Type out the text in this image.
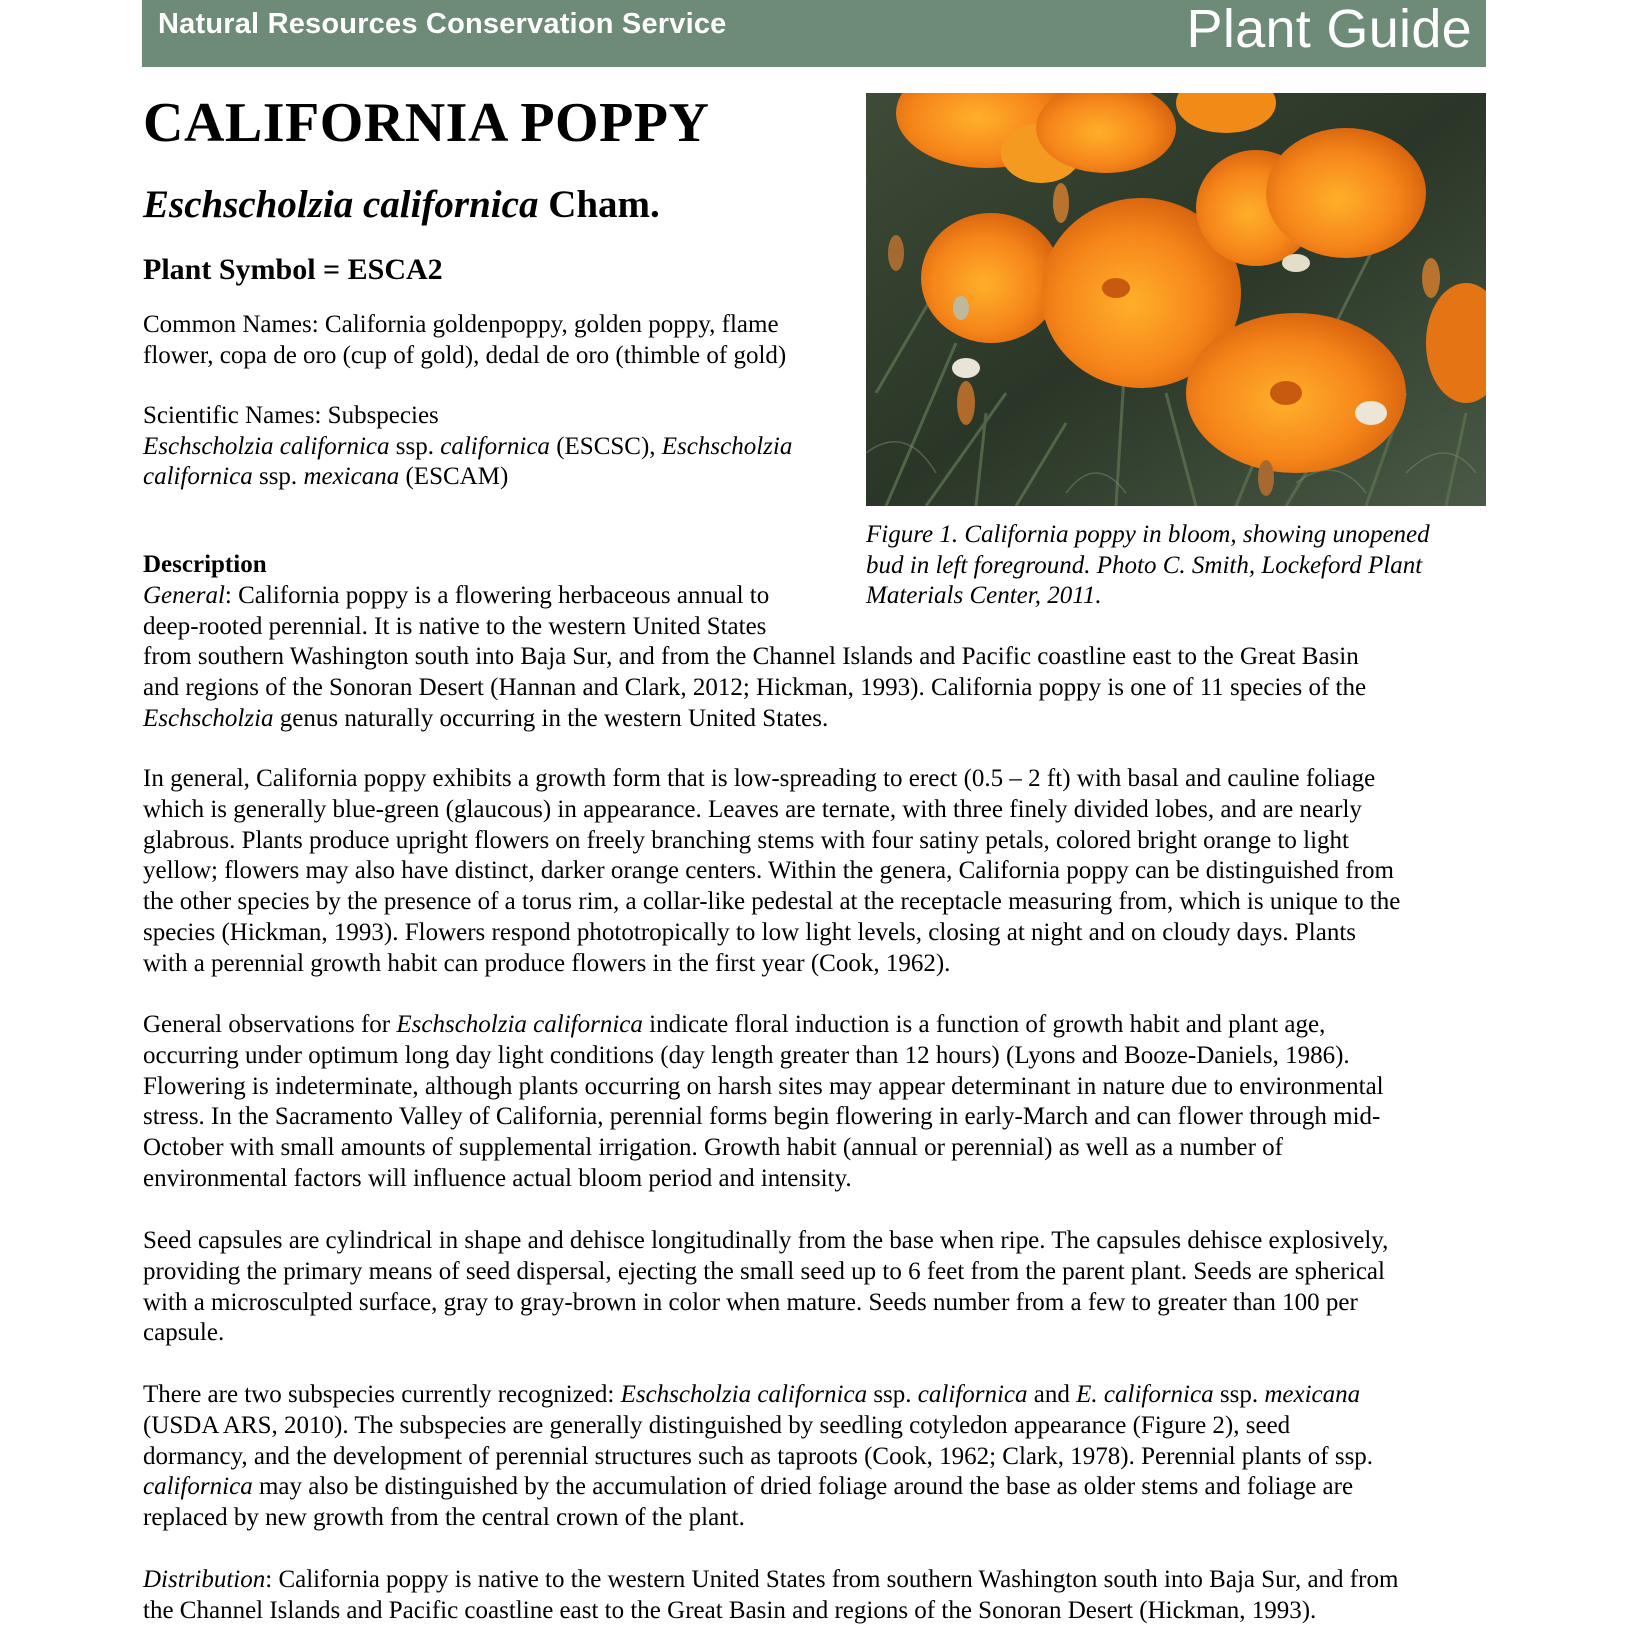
Natural Resources Conservation Service	Plant Guide
CALIFORNIA POPPY
Eschscholzia californica Cham.
Plant Symbol = ESCA2
Common Names: California goldenpoppy, golden poppy, flame
flower, copa de oro (cup of gold), dedal de oro (thimble of gold)
Scientific Names: Subspecies
Eschscholzia californica ssp. californica (ESCSC), Eschscholzia
californica ssp. mexicana (ESCAM)
Figure 1. California poppy in bloom, showing unopened
bud in left foreground. Photo C. Smith, Lockeford Plant
Materials Center, 2011.
Description
General: California poppy is a flowering herbaceous annual to
deep-rooted perennial. It is native to the western United States
from southern Washington south into Baja Sur, and from the Channel Islands and Pacific coastline east to the Great Basin
and regions of the Sonoran Desert (Hannan and Clark, 2012; Hickman, 1993). California poppy is one of 11 species of the
Eschscholzia genus naturally occurring in the western United States.
In general, California poppy exhibits a growth form that is low-spreading to erect (0.5 – 2 ft) with basal and cauline foliage
which is generally blue-green (glaucous) in appearance. Leaves are ternate, with three finely divided lobes, and are nearly
glabrous. Plants produce upright flowers on freely branching stems with four satiny petals, colored bright orange to light
yellow; flowers may also have distinct, darker orange centers. Within the genera, California poppy can be distinguished from
the other species by the presence of a torus rim, a collar-like pedestal at the receptacle measuring from, which is unique to the
species (Hickman, 1993). Flowers respond phototropically to low light levels, closing at night and on cloudy days. Plants
with a perennial growth habit can produce flowers in the first year (Cook, 1962).
General observations for Eschscholzia californica indicate floral induction is a function of growth habit and plant age,
occurring under optimum long day light conditions (day length greater than 12 hours) (Lyons and Booze-Daniels, 1986).
Flowering is indeterminate, although plants occurring on harsh sites may appear determinant in nature due to environmental
stress. In the Sacramento Valley of California, perennial forms begin flowering in early-March and can flower through mid-
October with small amounts of supplemental irrigation. Growth habit (annual or perennial) as well as a number of
environmental factors will influence actual bloom period and intensity.
Seed capsules are cylindrical in shape and dehisce longitudinally from the base when ripe. The capsules dehisce explosively,
providing the primary means of seed dispersal, ejecting the small seed up to 6 feet from the parent plant. Seeds are spherical
with a microsculpted surface, gray to gray-brown in color when mature. Seeds number from a few to greater than 100 per
capsule.
There are two subspecies currently recognized: Eschscholzia californica ssp. californica and E. californica ssp. mexicana
(USDA ARS, 2010). The subspecies are generally distinguished by seedling cotyledon appearance (Figure 2), seed
dormancy, and the development of perennial structures such as taproots (Cook, 1962; Clark, 1978). Perennial plants of ssp.
californica may also be distinguished by the accumulation of dried foliage around the base as older stems and foliage are
replaced by new growth from the central crown of the plant.
Distribution: California poppy is native to the western United States from southern Washington south into Baja Sur, and from
the Channel Islands and Pacific coastline east to the Great Basin and regions of the Sonoran Desert (Hickman, 1993).
